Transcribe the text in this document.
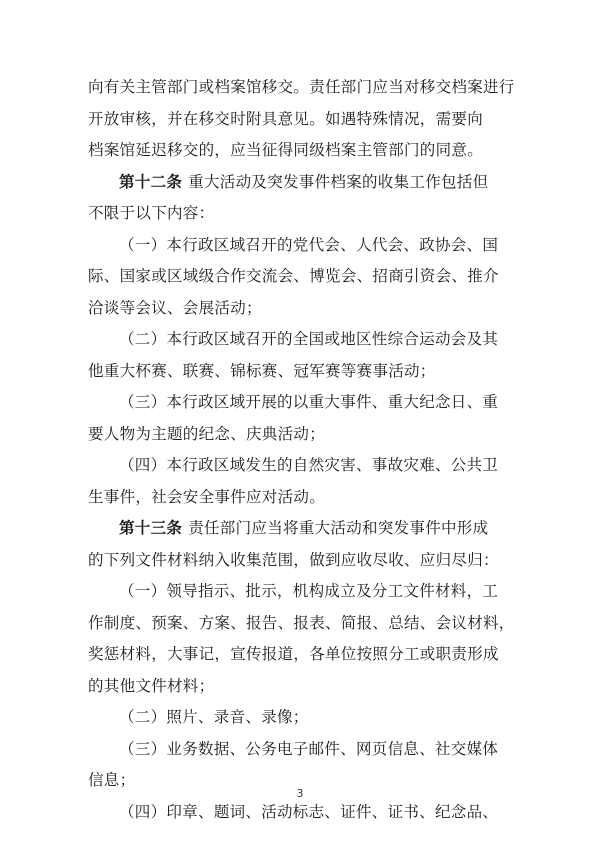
向有关主管部门或档案馆移交。责任部门应当对移交档案进行
开放审核，并在移交时附具意见。如遇特殊情况，需要向
档案馆延迟移交的，应当征得同级档案主管部门的同意。
第十二条 重大活动及突发事件档案的收集工作包括但
不限于以下内容：
（一）本行政区域召开的党代会、人代会、政协会、国
际、国家或区域级合作交流会、博览会、招商引资会、推介
洽谈等会议、会展活动；
（二）本行政区域召开的全国或地区性综合运动会及其
他重大杯赛、联赛、锦标赛、冠军赛等赛事活动；
（三）本行政区域开展的以重大事件、重大纪念日、重
要人物为主题的纪念、庆典活动；
（四）本行政区域发生的自然灾害、事故灾难、公共卫
生事件，社会安全事件应对活动。
第十三条 责任部门应当将重大活动和突发事件中形成
的下列文件材料纳入收集范围，做到应收尽收、应归尽归：
（一）领导指示、批示，机构成立及分工文件材料，工
作制度、预案、方案、报告、报表、简报、总结、会议材料，
奖惩材料，大事记，宣传报道，各单位按照分工或职责形成
的其他文件材料；
（二）照片、录音、录像；
（三）业务数据、公务电子邮件、网页信息、社交媒体
信息；
（四）印章、题词、活动标志、证件、证书、纪念品、
3
